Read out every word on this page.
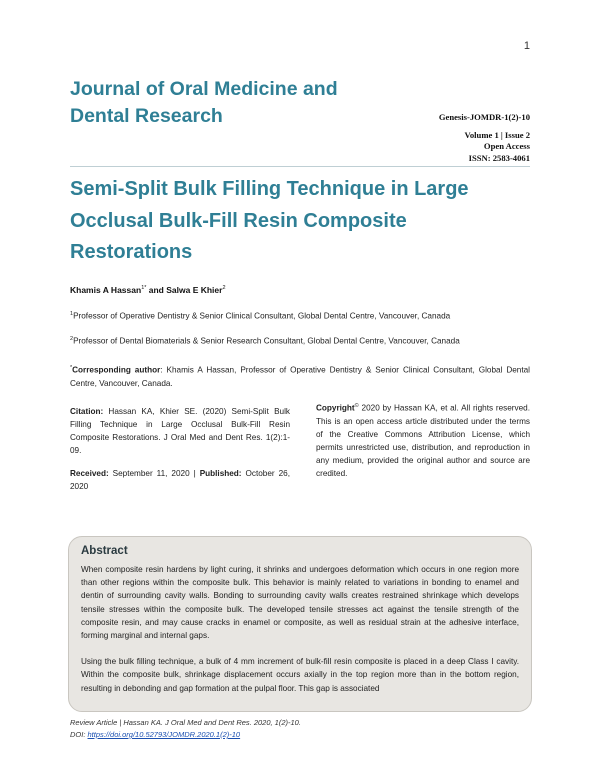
1
Journal of Oral Medicine and Dental Research	Genesis-JOMDR-1(2)-10
Volume 1 | Issue 2
Open Access
ISSN: 2583-4061
Semi-Split Bulk Filling Technique in Large Occlusal Bulk-Fill Resin Composite Restorations
Khamis A Hassan$^{1*}$ and Salwa E Khier$^2$
$^1$Professor of Operative Dentistry & Senior Clinical Consultant, Global Dental Centre, Vancouver, Canada
$^2$Professor of Dental Biomaterials & Senior Research Consultant, Global Dental Centre, Vancouver, Canada
*Corresponding author: Khamis A Hassan, Professor of Operative Dentistry & Senior Clinical Consultant, Global Dental Centre, Vancouver, Canada.

Citation: Hassan KA, Khier SE. (2020) Semi-Split Bulk Filling Technique in Large Occlusal Bulk-Fill Resin Composite Restorations. J Oral Med and Dent Res. 1(2):1-09.

Received: September 11, 2020 | Published: October 26, 2020

Copyright© 2020 by Hassan KA, et al. All rights reserved. This is an open access article distributed under the terms of the Creative Commons Attribution License, which permits unrestricted use, distribution, and reproduction in any medium, provided the original author and source are credited.
Abstract

When composite resin hardens by light curing, it shrinks and undergoes deformation which occurs in one region more than other regions within the composite bulk. This behavior is mainly related to variations in bonding to enamel and dentin of surrounding cavity walls. Bonding to surrounding cavity walls creates restrained shrinkage which develops tensile stresses within the composite bulk. The developed tensile stresses act against the tensile strength of the composite resin, and may cause cracks in enamel or composite, as well as residual strain at the adhesive interface, forming marginal and internal gaps.

Using the bulk filling technique, a bulk of 4 mm increment of bulk-fill resin composite is placed in a deep Class I cavity. Within the composite bulk, shrinkage displacement occurs axially in the top region more than in the bottom region, resulting in debonding and gap formation at the pulpal floor. This gap is associated

Review Article | Hassan KA. J Oral Med and Dent Res. 2020, 1(2)-10.
DOI: https://doi.org/10.52793/JOMDR.2020.1(2)-10
